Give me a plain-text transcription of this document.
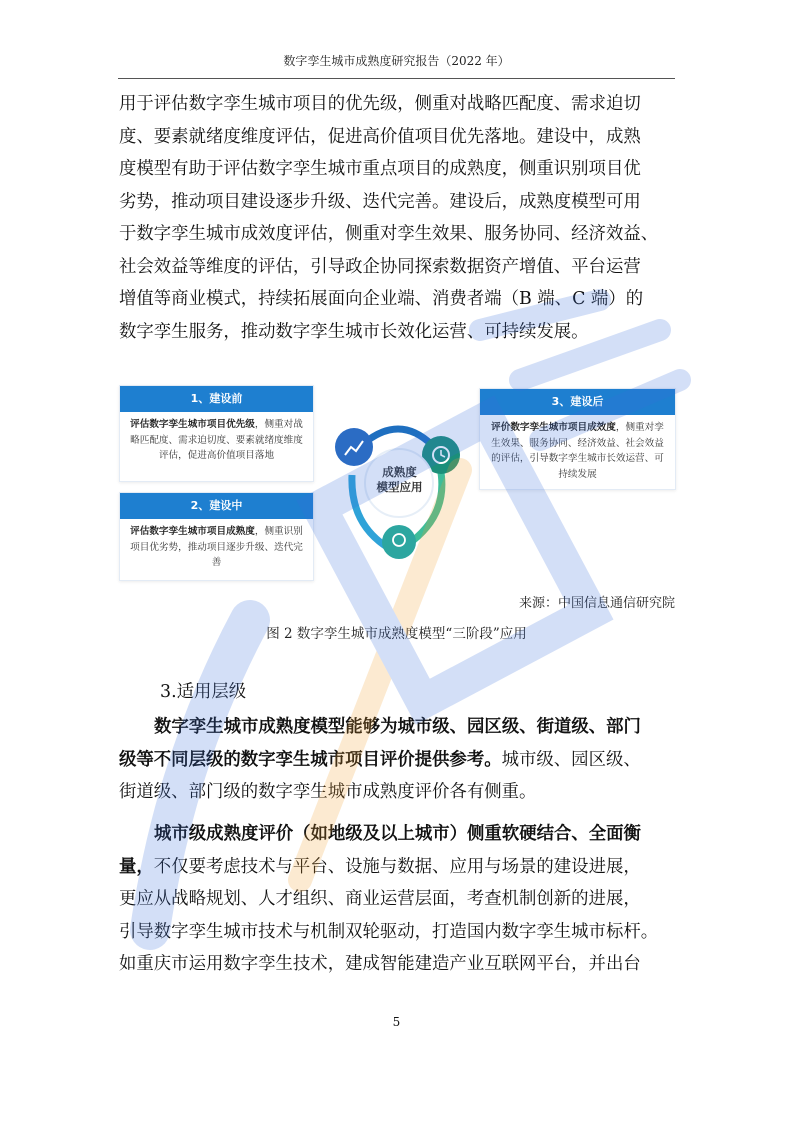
数字孪生城市成熟度研究报告（2022 年）
用于评估数字孪生城市项目的优先级，侧重对战略匹配度、需求迫切
度、要素就绪度维度评估，促进高价值项目优先落地。建设中，成熟
度模型有助于评估数字孪生城市重点项目的成熟度，侧重识别项目优
劣势，推动项目建设逐步升级、迭代完善。建设后，成熟度模型可用
于数字孪生城市成效度评估，侧重对孪生效果、服务协同、经济效益、
社会效益等维度的评估，引导政企协同探索数据资产增值、平台运营
增值等商业模式，持续拓展面向企业端、消费者端（B 端、C 端）的
数字孪生服务，推动数字孪生城市长效化运营、可持续发展。
1、建设前
评估数字孪生城市项目优先级，侧重对战略匹配度、需求迫切度、要素就绪度维度评估，促进高价值项目落地
2、建设中
评估数字孪生城市项目成熟度，侧重识别项目优劣势，推动项目逐步升级、迭代完善
3、建设后
评价数字孪生城市项目成效度，侧重对孪生效果、服务协同、经济效益、社会效益的评估，引导数字孪生城市长效运营、可持续发展
成熟度
模型应用
来源：中国信息通信研究院
图 2 数字孪生城市成熟度模型“三阶段”应用
3.适用层级
数字孪生城市成熟度模型能够为城市级、园区级、街道级、部门
级等不同层级的数字孪生城市项目评价提供参考。城市级、园区级、
街道级、部门级的数字孪生城市成熟度评价各有侧重。
城市级成熟度评价（如地级及以上城市）侧重软硬结合、全面衡
量，不仅要考虑技术与平台、设施与数据、应用与场景的建设进展，
更应从战略规划、人才组织、商业运营层面，考查机制创新的进展，
引导数字孪生城市技术与机制双轮驱动，打造国内数字孪生城市标杆。
如重庆市运用数字孪生技术，建成智能建造产业互联网平台，并出台
5
